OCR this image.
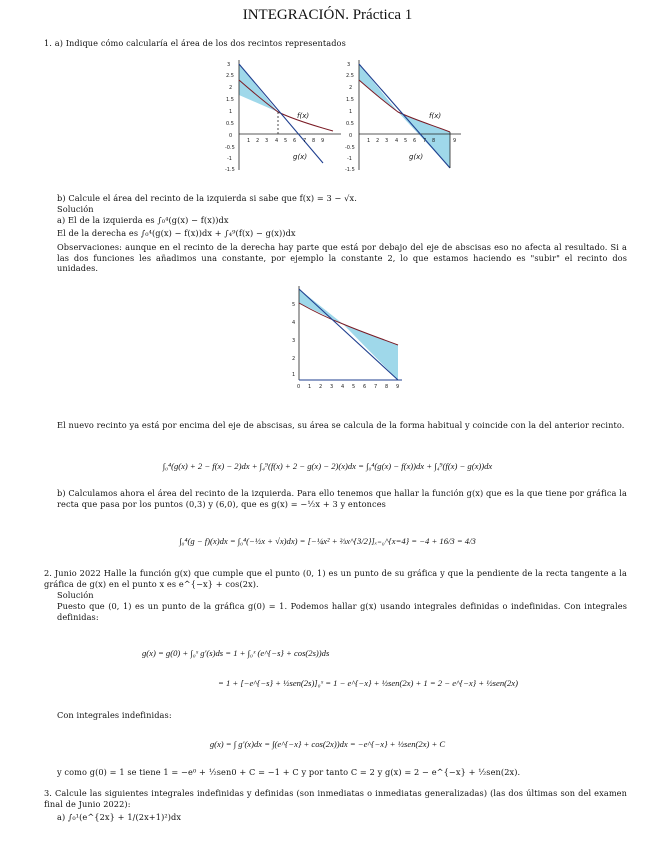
INTEGRACIÓN. Práctica 1
1. a) Indique cómo calcularía el área de los dos recintos representados
3
2.5
2
1.5
1
0.5
0
-0.5
-1
-1.5
1 2 3 4 5 6 7 8 9
f(x)
g(x)
3
2.5
2
1.5
1
0.5
0
-0.5
-1
-1.5
1 2 3 4 5 6 7 8	9
f(x)
g(x)
b) Calcule el área del recinto de la izquierda si sabe que f(x) = 3 − √x.
Solución
a) El de la izquierda es ∫₀⁴(g(x) − f(x))dx
El de la derecha es ∫₀⁴(g(x) − f(x))dx + ∫₄⁹(f(x) − g(x))dx
Observaciones: aunque en el recinto de la derecha hay parte que está por debajo del eje de abscisas eso no afecta al resultado. Si a las dos funciones les añadimos una constante, por ejemplo la constante 2, lo que estamos haciendo es "subir" el recinto dos unidades.
5
4
3
2
1
0 1 2 3 4 5 6 7 8 9
El nuevo recinto ya está por encima del eje de abscisas, su área se calcula de la forma habitual y coincide con la del anterior recinto.
∫₀⁴(g(x) + 2 − f(x) − 2)dx + ∫₄⁹(f(x) + 2 − g(x) − 2)(x)dx = ∫₀⁴(g(x) − f(x))dx + ∫₄⁹(f(x) − g(x))dx
b) Calculamos ahora el área del recinto de la izquierda. Para ello tenemos que hallar la función g(x) que es la que tiene por gráfica la recta que pasa por los puntos (0,3) y (6,0), que es g(x) = −½x + 3 y entonces
∫₀⁴(g − f)(x)dx = ∫₀⁴(−½x + √x)dx) = [−¼x² + ⅔x^{3/2}]ₓ₌₀^{x=4} = −4 + 16/3 = 4/3
2. Junio 2022 Halle la función g(x) que cumple que el punto (0, 1) es un punto de su gráfica y que la pendiente de la recta tangente a la gráfica de g(x) en el punto x es e^{−x} + cos(2x).
Solución
Puesto que (0, 1) es un punto de la gráfica g(0) = 1. Podemos hallar g(x) usando integrales definidas o indefinidas. Con integrales definidas:
g(x) = g(0) + ∫₀ˣ g′(s)ds = 1 + ∫₀ˣ (e^{−s} + cos(2s))ds
= 1 + [−e^{−s} + ½sen(2s)]₀ˣ = 1 − e^{−x} + ½sen(2x) + 1 = 2 − e^{−x} + ½sen(2x)
Con integrales indefinidas:
g(x) = ∫ g′(x)dx = ∫(e^{−x} + cos(2x))dx = −e^{−x} + ½sen(2x) + C
y como g(0) = 1 se tiene 1 = −e⁰ + ½sen0 + C = −1 + C y por tanto C = 2 y g(x) = 2 − e^{−x} + ½sen(2x).
3. Calcule las siguientes integrales indefinidas y definidas (son inmediatas o inmediatas generalizadas) (las dos últimas son del examen final de Junio 2022):
a) ∫₀¹(e^{2x} + 1/(2x+1)²)dx
